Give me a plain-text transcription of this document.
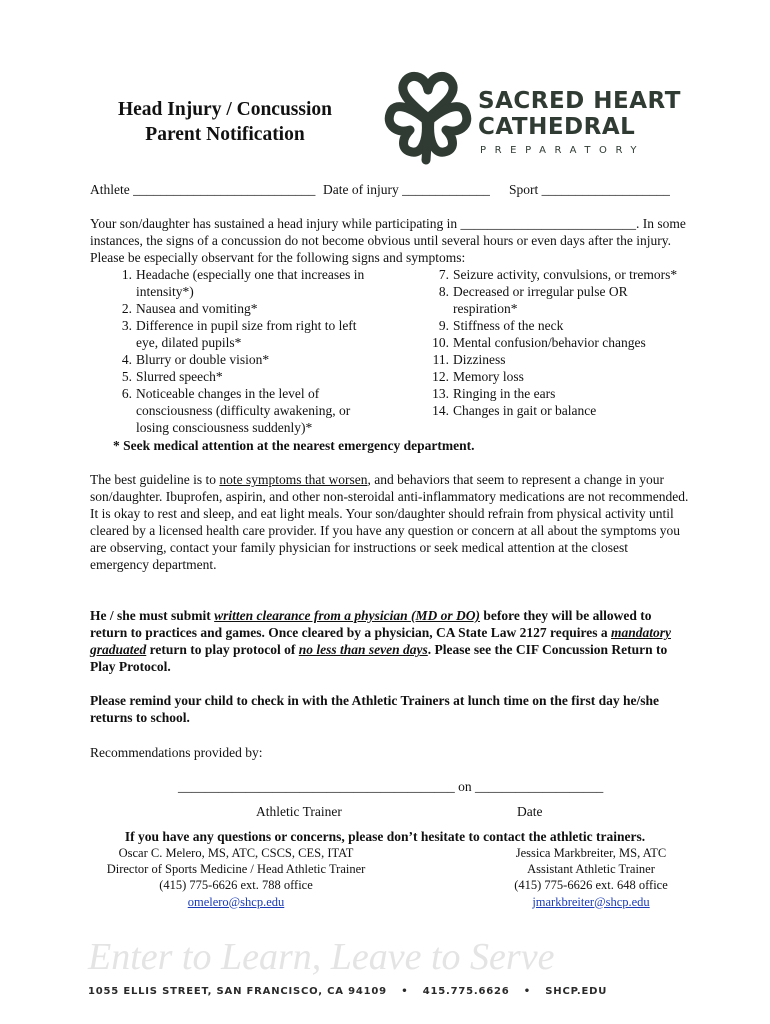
Head Injury / Concussion
Parent Notification
SACRED HEART
CATHEDRAL
PREPARATORY
Athlete ___________________________ Date of injury _____________ Sport ___________________
Your son/daughter has sustained a head injury while participating in __________________________. In some instances, the signs of a concussion do not become obvious until several hours or even days after the injury. Please be especially observant for the following signs and symptoms:
1. Headache (especially one that increases in intensity*)
2. Nausea and vomiting*
3. Difference in pupil size from right to left eye, dilated pupils*
4. Blurry or double vision*
5. Slurred speech*
6. Noticeable changes in the level of consciousness (difficulty awakening, or losing consciousness suddenly)*
7. Seizure activity, convulsions, or tremors*
8. Decreased or irregular pulse OR respiration*
9. Stiffness of the neck
10. Mental confusion/behavior changes
11. Dizziness
12. Memory loss
13. Ringing in the ears
14. Changes in gait or balance
* Seek medical attention at the nearest emergency department.
The best guideline is to note symptoms that worsen, and behaviors that seem to represent a change in your son/daughter. Ibuprofen, aspirin, and other non-steroidal anti-inflammatory medications are not recommended. It is okay to rest and sleep, and eat light meals. Your son/daughter should refrain from physical activity until cleared by a licensed health care provider. If you have any question or concern at all about the symptoms you are observing, contact your family physician for instructions or seek medical attention at the closest emergency department.
He / she must submit written clearance from a physician (MD or DO) before they will be allowed to return to practices and games. Once cleared by a physician, CA State Law 2127 requires a mandatory graduated return to play protocol of no less than seven days. Please see the CIF Concussion Return to Play Protocol.
Please remind your child to check in with the Athletic Trainers at lunch time on the first day he/she returns to school.
Recommendations provided by:
_________________________________________ on ___________________
Athletic Trainer	Date
If you have any questions or concerns, please don’t hesitate to contact the athletic trainers.
Oscar C. Melero, MS, ATC, CSCS, CES, ITAT
Director of Sports Medicine / Head Athletic Trainer
(415) 775-6626 ext. 788 office
omelero@shcp.edu
Jessica Markbreiter, MS, ATC
Assistant Athletic Trainer
(415) 775-6626 ext. 648 office
jmarkbreiter@shcp.edu
Enter to Learn, Leave to Serve
1055 ELLIS STREET, SAN FRANCISCO, CA 94109 • 415.775.6626 • SHCP.EDU
